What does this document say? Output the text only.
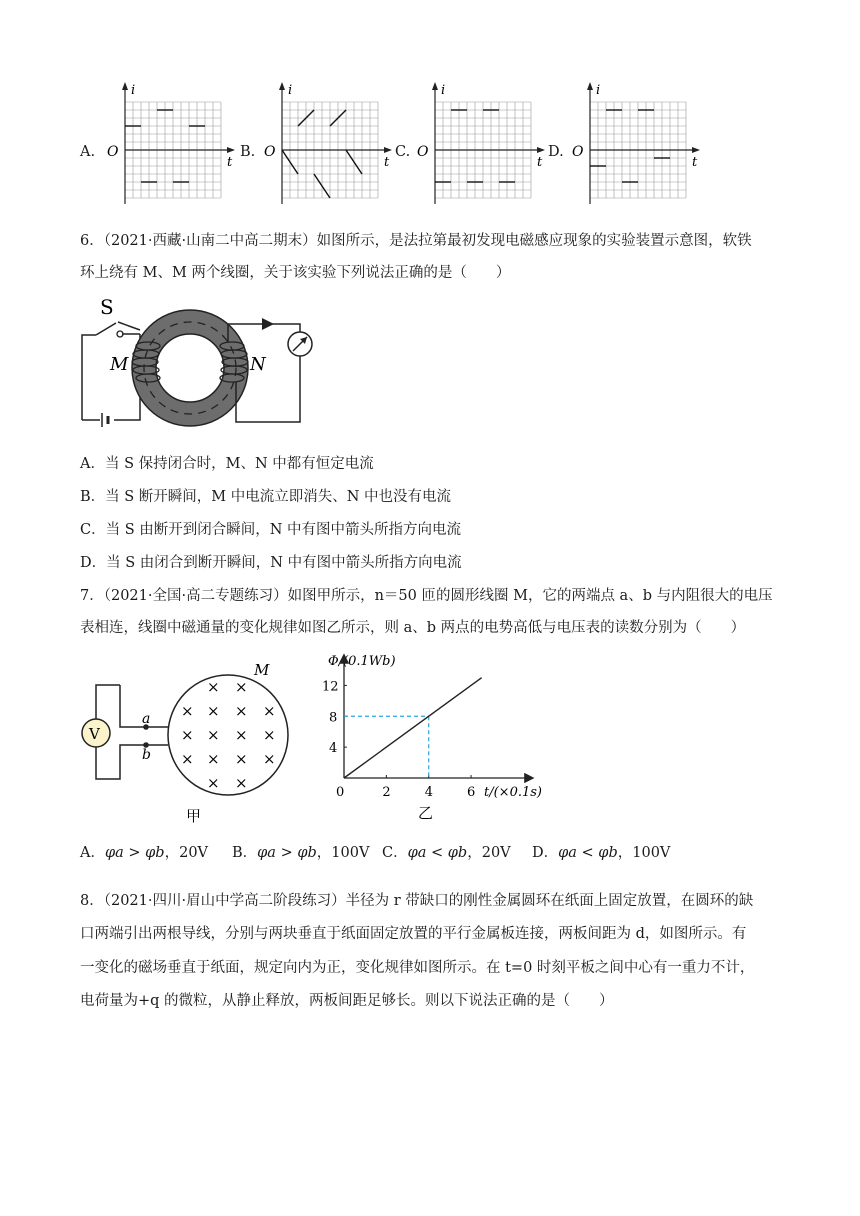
A.	B.	C.	D.
i
t
O
i
t
O
i
t
O
i
t
O
6．（2021·西藏·山南二中高二期末）如图所示，是法拉第最初发现电磁感应现象的实验装置示意图，软铁
环上绕有 M、M 两个线圈，关于该实验下列说法正确的是（　　）
S
M	N
A．当 S 保持闭合时，M、N 中都有恒定电流
B．当 S 断开瞬间，M 中电流立即消失、N 中也没有电流
C．当 S 由断开到闭合瞬间，N 中有图中箭头所指方向电流
D．当 S 由闭合到断开瞬间，N 中有图中箭头所指方向电流
7．（2021·全国·高二专题练习）如图甲所示，n＝50 匝的圆形线圈 M，它的两端点 a、b 与内阻很大的电压
表相连，线圈中磁通量的变化规律如图乙所示，则 a、b 两点的电势高低与电压表的读数分别为（　　）
V
a
b
M
× ×
× × × ×
× × × ×
× × × ×
× ×
甲
Φ/(0.1Wb)
t/(×0.1s)
0
乙
2	4	6
4
8
12
A．φa > φb，20V B．φa > φb，100V C．φa < φb，20V D．φa < φb，100V
8．（2021·四川·眉山中学高二阶段练习）半径为 r 带缺口的刚性金属圆环在纸面上固定放置，在圆环的缺
口两端引出两根导线，分别与两块垂直于纸面固定放置的平行金属板连接，两板间距为 d，如图所示。有
一变化的磁场垂直于纸面，规定向内为正，变化规律如图所示。在 t=0 时刻平板之间中心有一重力不计，
电荷量为+q 的微粒，从静止释放，两板间距足够长。则以下说法正确的是（　　）
